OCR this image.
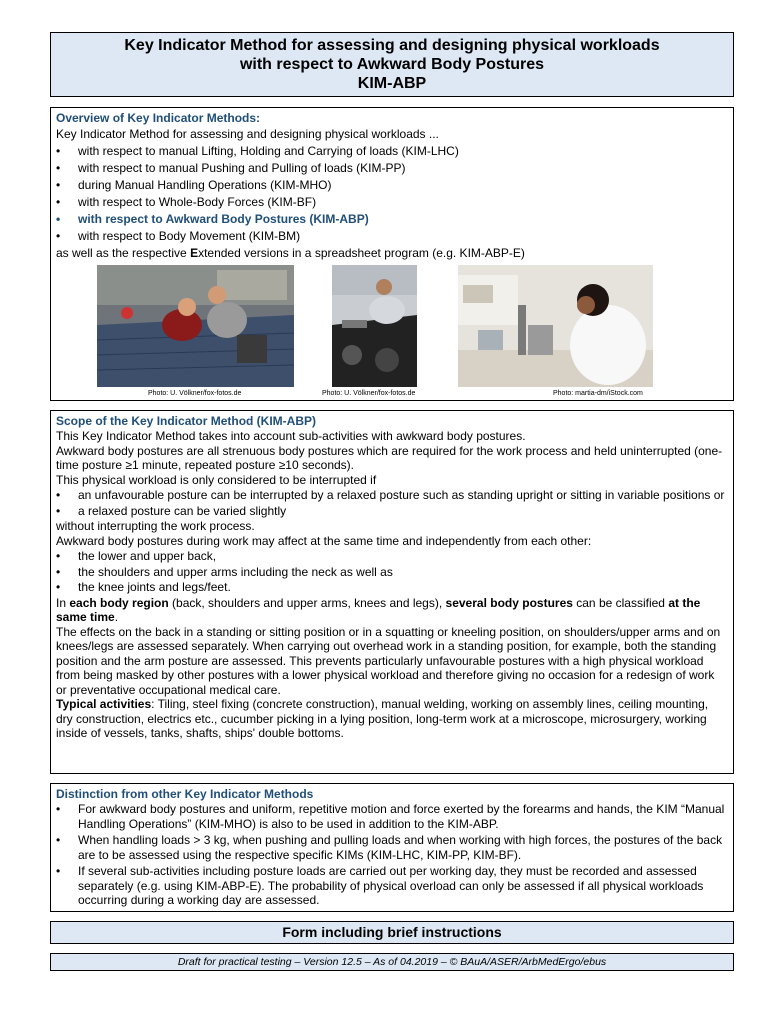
Key Indicator Method for assessing and designing physical workloads
with respect to Awkward Body Postures
KIM-ABP
Overview of Key Indicator Methods:

Key Indicator Method for assessing and designing physical workloads ...

• with respect to manual Lifting, Holding and Carrying of loads (KIM-LHC)
• with respect to manual Pushing and Pulling of loads (KIM-PP)
• during Manual Handling Operations (KIM-MHO)
• with respect to Whole-Body Forces (KIM-BF)
• with respect to Awkward Body Postures (KIM-ABP)
• with respect to Body Movement (KIM-BM)

as well as the respective Extended versions in a spreadsheet program (e.g. KIM-ABP-E)

Photo: U. Völkner/fox-fotos.de	Photo: U. Völkner/fox-fotos.de	Photo: martia-dm/iStock.com
Scope of the Key Indicator Method (KIM-ABP)

This Key Indicator Method takes into account sub-activities with awkward body postures.

Awkward body postures are all strenuous body postures which are required for the work process and held uninterrupted (one-time posture ≥1 minute, repeated posture ≥10 seconds).

This physical workload is only considered to be interrupted if

• an unfavourable posture can be interrupted by a relaxed posture such as standing upright or sitting in variable positions or
• a relaxed posture can be varied slightly

without interrupting the work process.

Awkward body postures during work may affect at the same time and independently from each other:

• the lower and upper back,
• the shoulders and upper arms including the neck as well as
• the knee joints and legs/feet.

In each body region (back, shoulders and upper arms, knees and legs), several body postures can be classified at the same time.

The effects on the back in a standing or sitting position or in a squatting or kneeling position, on shoulders/upper arms and on knees/legs are assessed separately. When carrying out overhead work in a standing position, for example, both the standing position and the arm posture are assessed. This prevents particularly unfavourable postures with a high physical workload from being masked by other postures with a lower physical workload and therefore giving no occasion for a redesign of work or preventative occupational medical care.

Typical activities: Tiling, steel fixing (concrete construction), manual welding, working on assembly lines, ceiling mounting, dry construction, electrics etc., cucumber picking in a lying position, long-term work at a microscope, microsurgery, working inside of vessels, tanks, shafts, ships' double bottoms.

Distinction from other Key Indicator Methods
• For awkward body postures and uniform, repetitive motion and force exerted by the forearms and hands, the KIM “Manual Handling Operations” (KIM-MHO) is also to be used in addition to the KIM-ABP.
• When handling loads > 3 kg, when pushing and pulling loads and when working with high forces, the postures of the back are to be assessed using the respective specific KIMs (KIM-LHC, KIM-PP, KIM-BF).
• If several sub-activities including posture loads are carried out per working day, they must be recorded and assessed separately (e.g. using KIM-ABP-E). The probability of physical overload can only be assessed if all physical workloads occurring during a working day are assessed.
Form including brief instructions
Draft for practical testing – Version 12.5 – As of 04.2019 – © BAuA/ASER/ArbMedErgo/ebus
